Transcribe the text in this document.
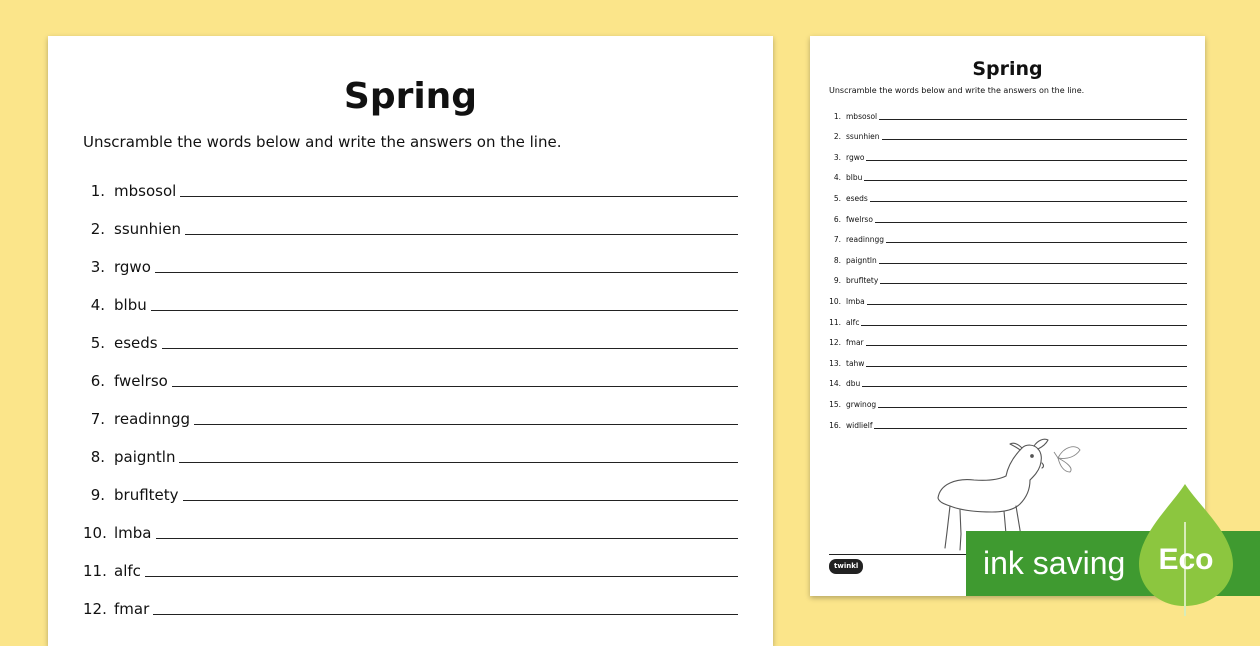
Spring
Unscramble the words below and write the answers on the line.
1. mbsosol
2. ssunhien
3. rgwo
4. blbu
5. eseds
6. fwelrso
7. readinngg
8. paigntln
9. brufltety
10. lmba
11. alfc
12. fmar
Spring
Unscramble the words below and write the answers on the line.
1. mbsosol
2. ssunhien
3. rgwo
4. blbu
5. eseds
6. fwelrso
7. readinngg
8. paigntln
9. brufltety
10. lmba
11. alfc
12. fmar
13. tahw
14. dbu
15. grwinog
16. widlielf
twinkl	ink saving Eco
